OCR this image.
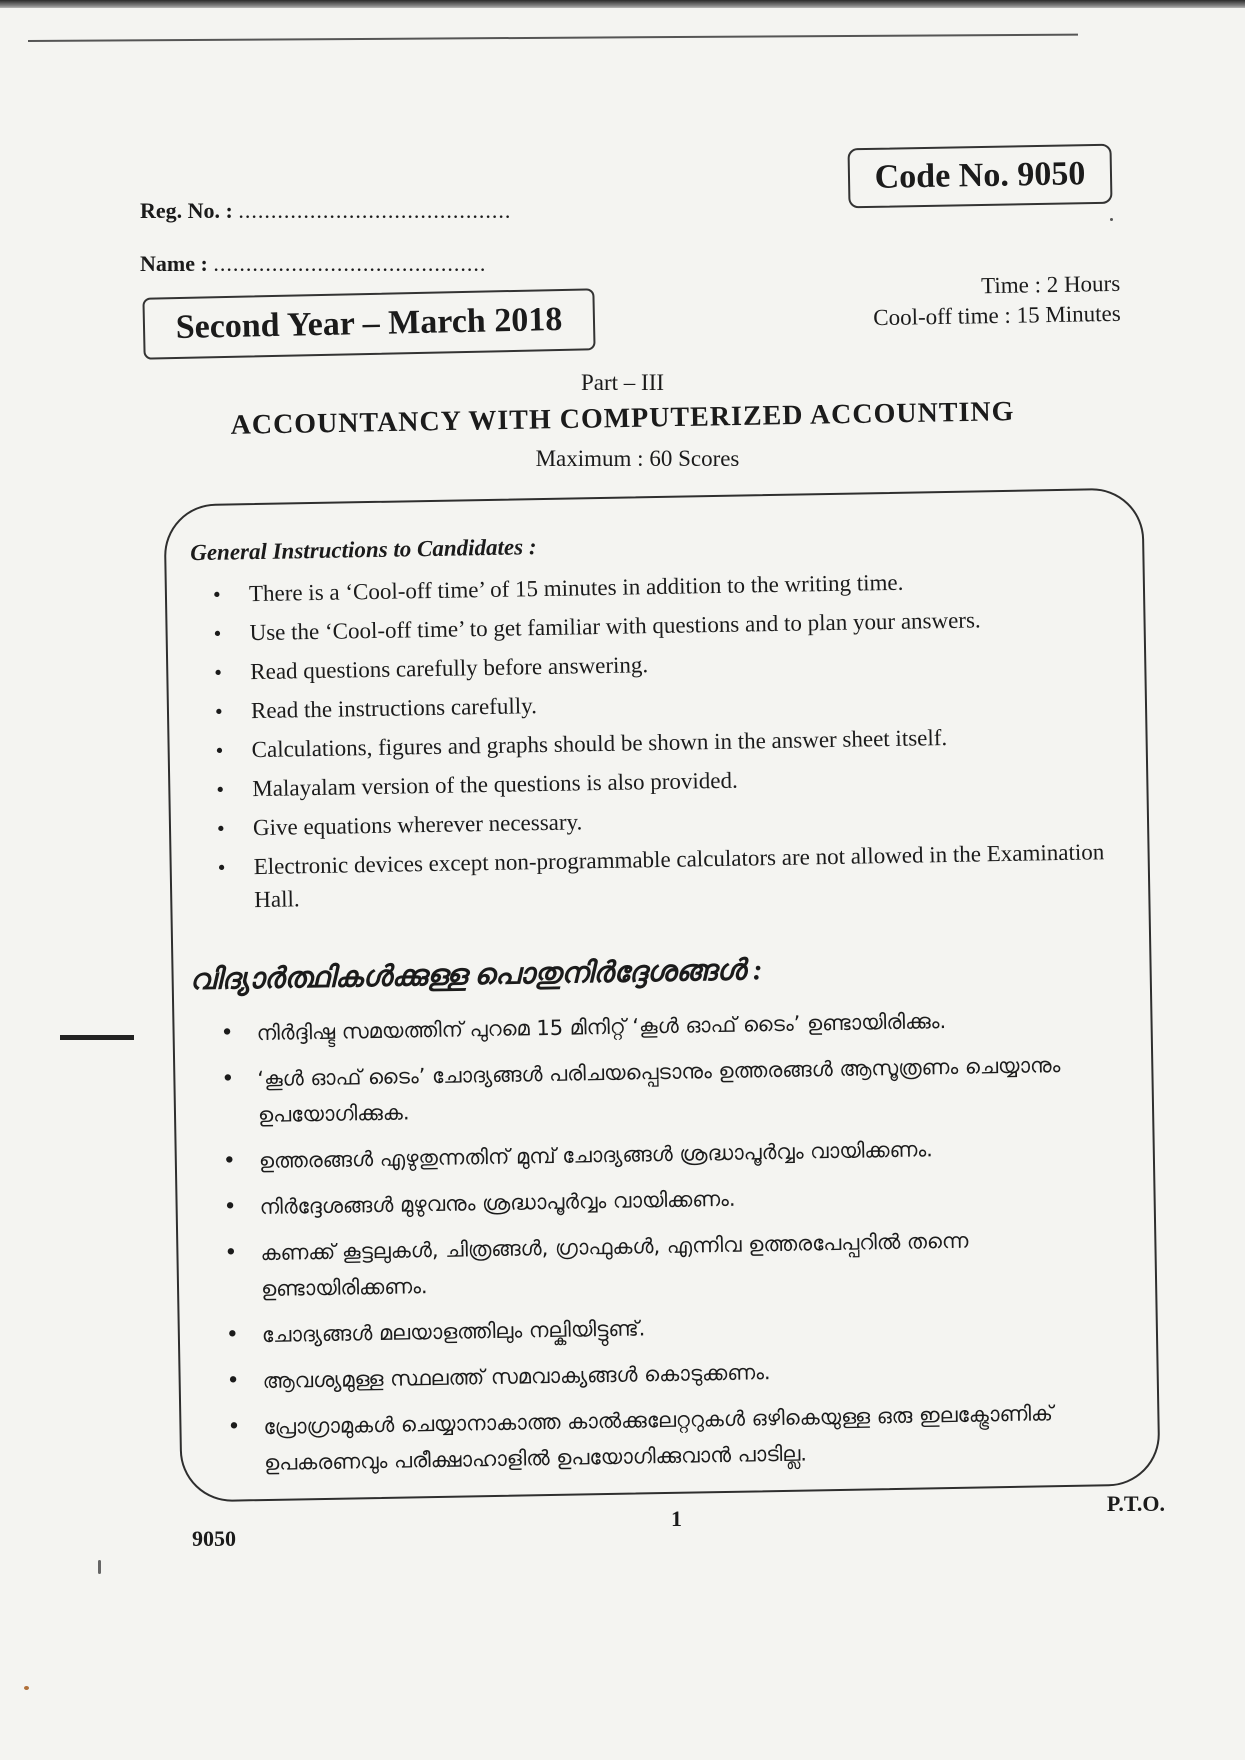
Code No. 9050
Reg. No. : ..........................................
Name : ..........................................
Second Year – March 2018
Time : 2 Hours
Cool-off time : 15 Minutes
Part – III
ACCOUNTANCY WITH COMPUTERIZED ACCOUNTING
Maximum : 60 Scores
General Instructions to Candidates :
• There is a ‘Cool-off time’ of 15 minutes in addition to the writing time.
• Use the ‘Cool-off time’ to get familiar with questions and to plan your answers.
• Read questions carefully before answering.
• Read the instructions carefully.
• Calculations, figures and graphs should be shown in the answer sheet itself.
• Malayalam version of the questions is also provided.
• Give equations wherever necessary.
• Electronic devices except non-programmable calculators are not allowed in the Examination Hall.
വിദ്യാർത്ഥികൾക്കുള്ള പൊതുനിർദ്ദേശങ്ങൾ :
• നിർദ്ദിഷ്ട സമയത്തിന് പുറമെ 15 മിനിറ്റ് ‘കൂൾ ഓഫ് ടൈം’ ഉണ്ടായിരിക്കും.
• ‘കൂൾ ഓഫ് ടൈം’ ചോദ്യങ്ങൾ പരിചയപ്പെടാനും ഉത്തരങ്ങൾ ആസൂത്രണം ചെയ്യാനും ഉപയോഗിക്കുക.
• ഉത്തരങ്ങൾ എഴുതുന്നതിന് മുമ്പ് ചോദ്യങ്ങൾ ശ്രദ്ധാപൂർവ്വം വായിക്കണം.
• നിർദ്ദേശങ്ങൾ മുഴുവനും ശ്രദ്ധാപൂർവ്വം വായിക്കണം.
• കണക്ക് കൂട്ടലുകൾ, ചിത്രങ്ങൾ, ഗ്രാഫുകൾ, എന്നിവ ഉത്തരപേപ്പറിൽ തന്നെ ഉണ്ടായിരിക്കണം.
• ചോദ്യങ്ങൾ മലയാളത്തിലും നല്കിയിട്ടുണ്ട്.
• ആവശ്യമുള്ള സ്ഥലത്ത് സമവാക്യങ്ങൾ കൊടുക്കണം.
• പ്രോഗ്രാമുകൾ ചെയ്യാനാകാത്ത കാൽക്കുലേറ്ററുകൾ ഒഴികെയുള്ള ഒരു ഇലക്ട്രോണിക് ഉപകരണവും പരീക്ഷാഹാളിൽ ഉപയോഗിക്കുവാൻ പാടില്ല.
P.T.O.
1
9050
